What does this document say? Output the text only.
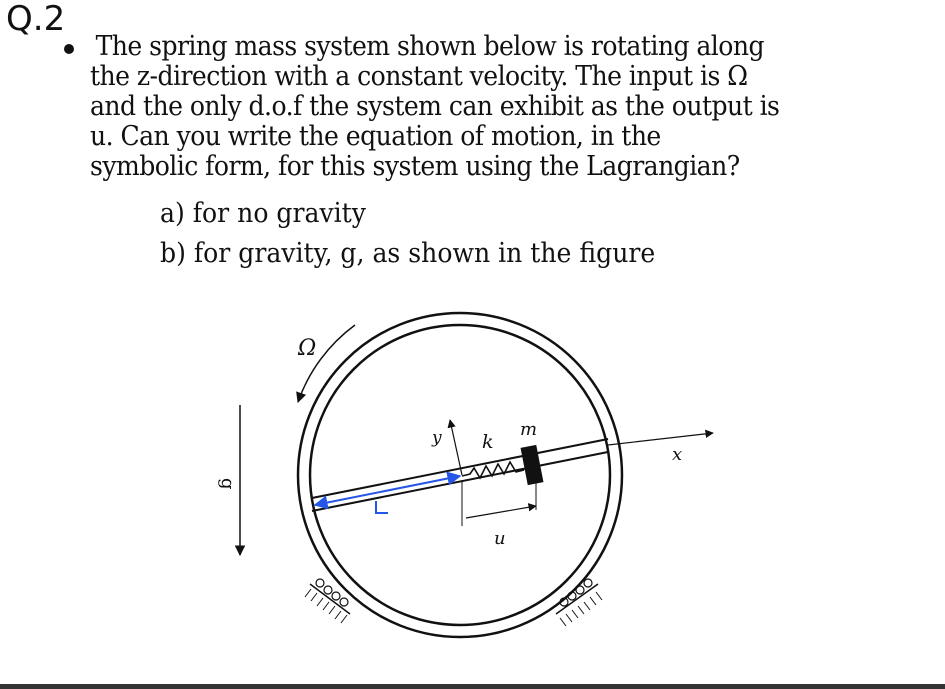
Q.2
The spring mass system shown below is rotating along
the z-direction with a constant velocity. The input is Ω
and the only d.o.f the system can exhibit as the output is
u. Can you write the equation of motion, in the
symbolic form, for this system using the Lagrangian?
a) for no gravity
b) for gravity, g, as shown in the figure
Ω
g
x
y k
m
u
